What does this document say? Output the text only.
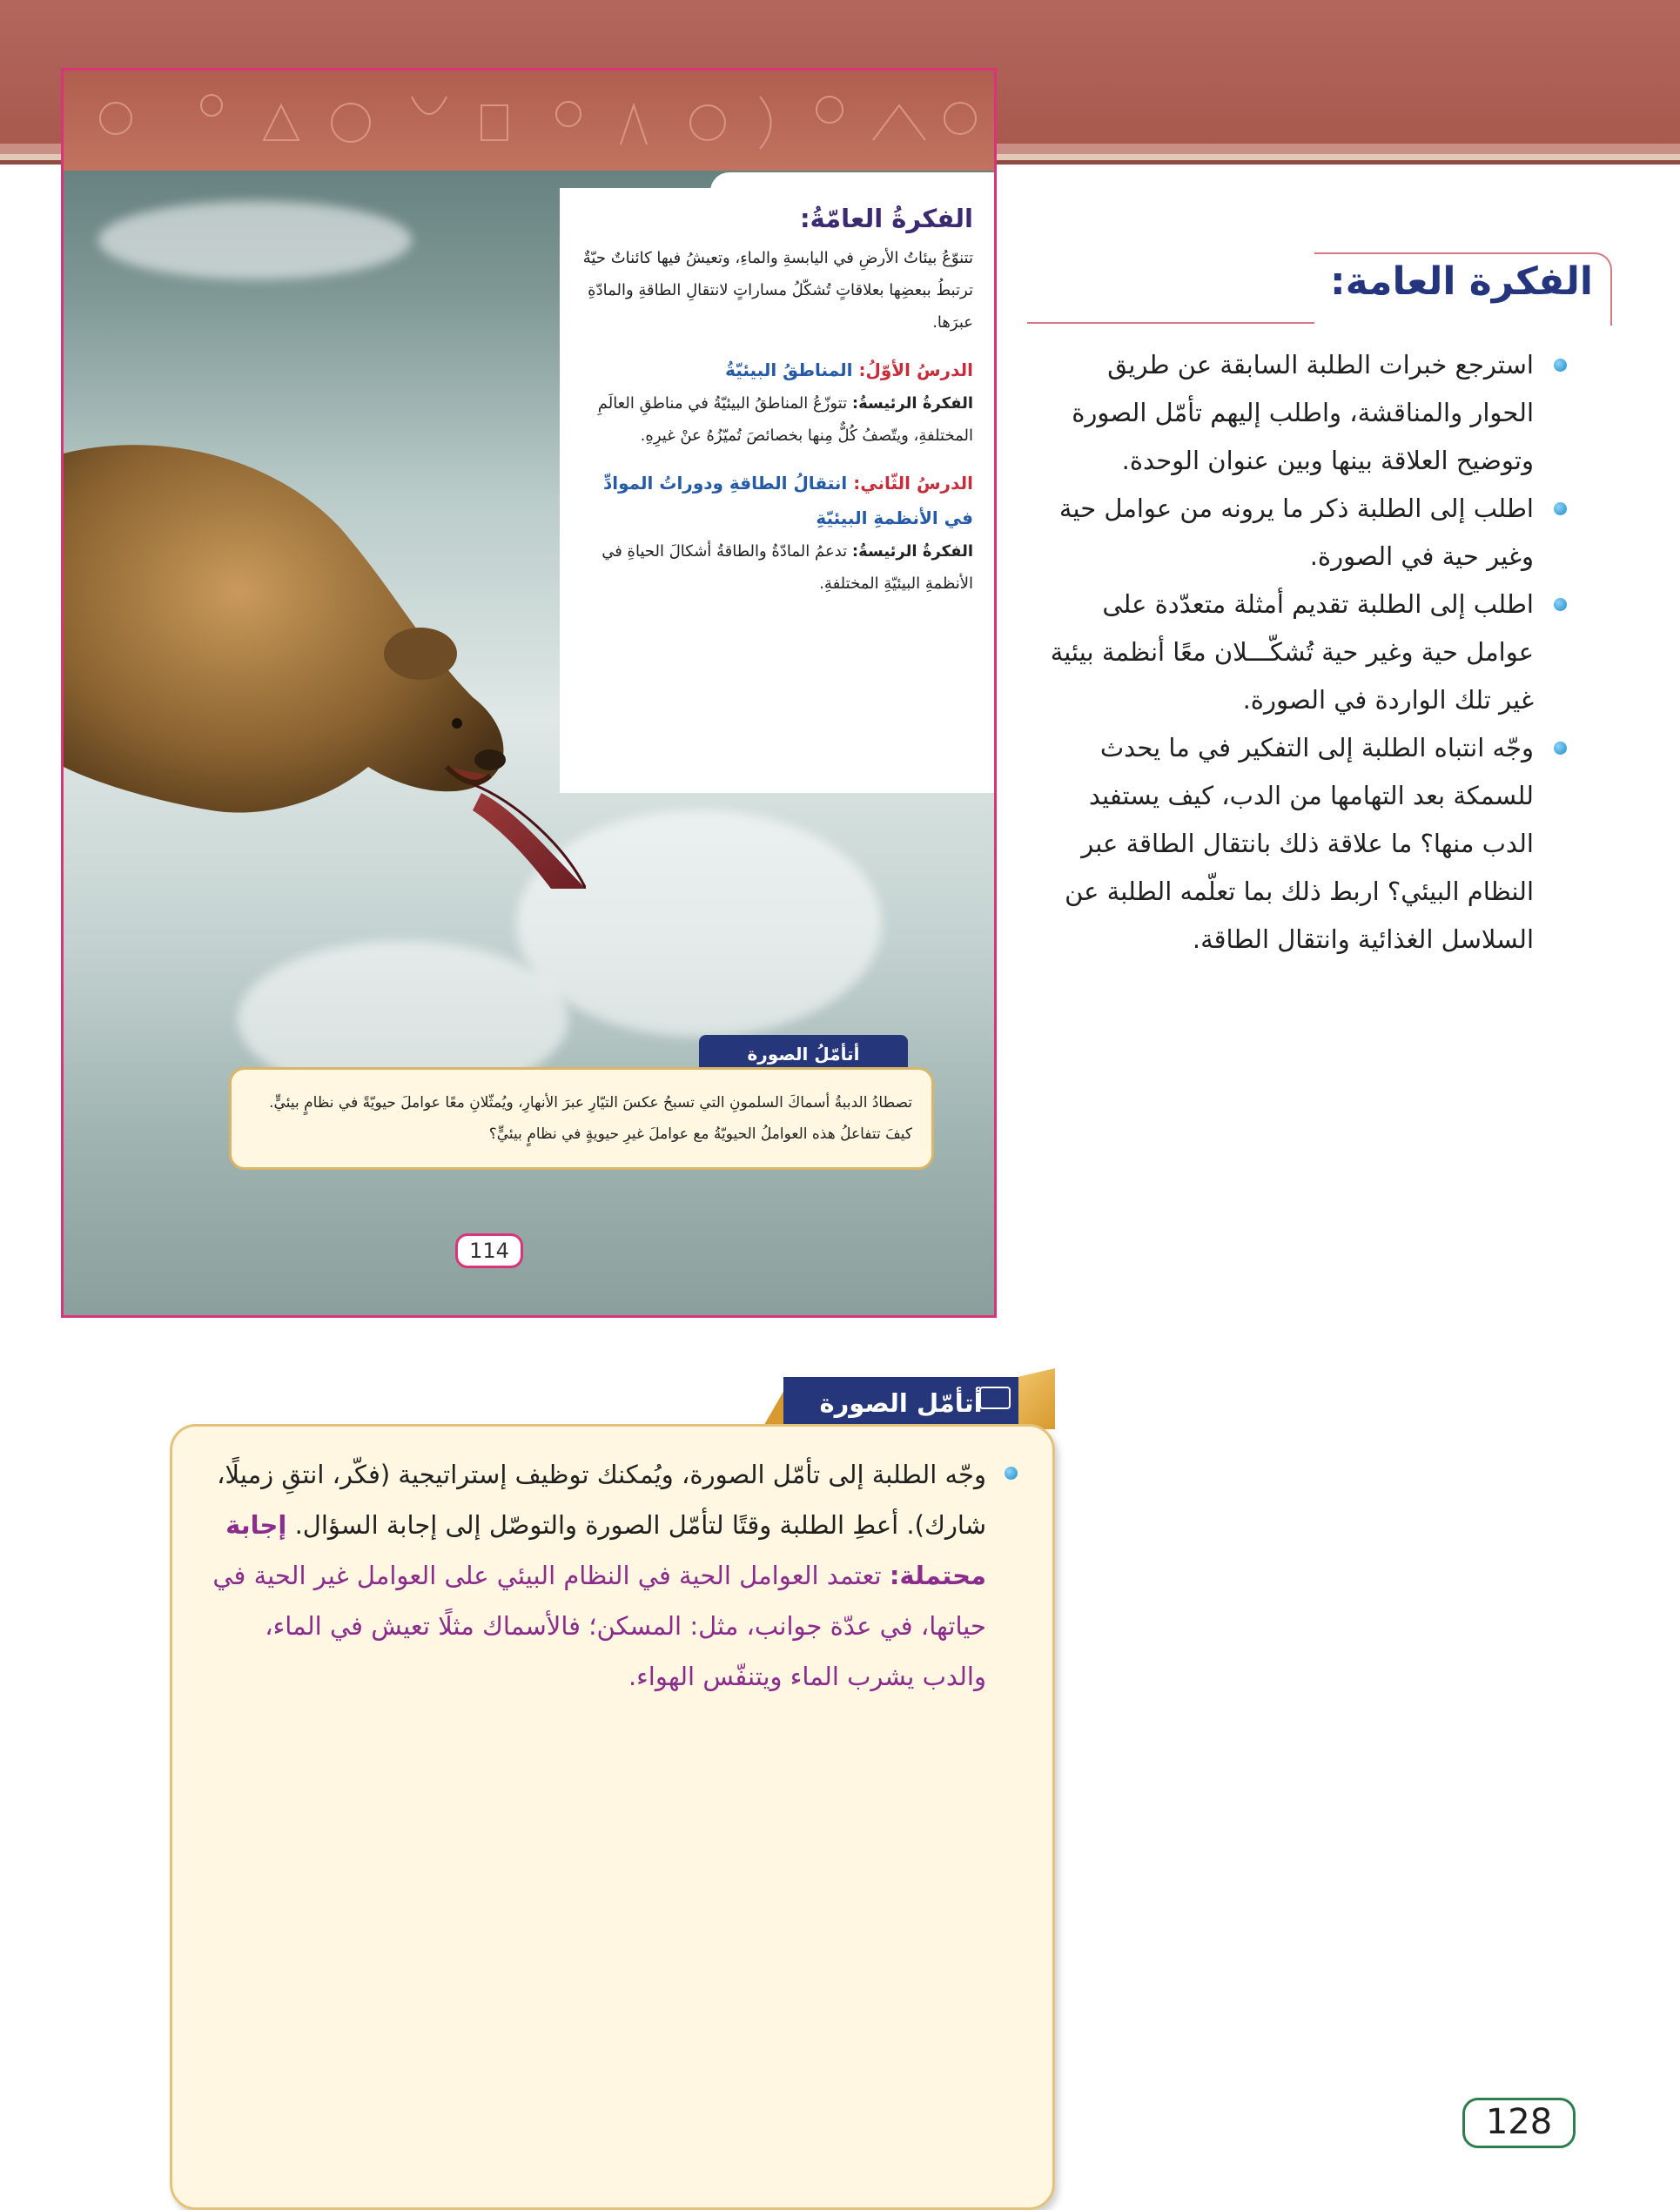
الفكرةُ العامّةُ:
تتنوّعُ بيئاتُ الأرضِ في اليابسةِ والماءِ، وتعيشُ فيها كائناتٌ حيّةٌ ترتبطُ ببعضِها بعلاقاتٍ تُشكّلُ مساراتٍ لانتقالِ الطاقةِ والمادّةِ عبرَها.
الدرسُ الأوّلُ: المناطقُ البيئيّةُ
الفكرةُ الرئيسةُ: تتوزّعُ المناطقُ البيئيّةُ في مناطقِ العالَمِ المختلفةِ، ويتّصفُ كُلٌّ مِنها بخصائصَ تُميّزُهُ عنْ غيرِهِ.
الدرسُ الثّاني: انتقالُ الطاقةِ ودوراتُ الموادِّ في الأنظمةِ البيئيّةِ
الفكرةُ الرئيسةُ: تدعمُ المادّةُ والطاقةُ أشكالَ الحياةِ في الأنظمةِ البيئيّةِ المختلفةِ.
أتأمّلُ الصورة
تصطادُ الدببةُ أسماكَ السلمونِ التي تسبحُ عكسَ التيّارِ عبرَ الأنهارِ، ويُمثّلانِ معًا عواملَ حيويّةً في نظامٍ بيئيٍّ. كيفَ تتفاعلُ هذه العواملُ الحيويّةُ مع عواملَ غيرِ حيويةٍ في نظامٍ بيئيٍّ؟
114
الفكرة العامة:
استرجع خبرات الطلبة السابقة عن طريق الحوار والمناقشة، واطلب إليهم تأمّل الصورة وتوضيح العلاقة بينها وبين عنوان الوحدة.
اطلب إلى الطلبة ذكر ما يرونه من عوامل حية وغير حية في الصورة.
اطلب إلى الطلبة تقديم أمثلة متعدّدة على عوامل حية وغير حية تُشكّـــلان معًا أنظمة بيئية غير تلك الواردة في الصورة.
وجّه انتباه الطلبة إلى التفكير في ما يحدث للسمكة بعد التهامها من الدب، كيف يستفيد الدب منها؟ ما علاقة ذلك بانتقال الطاقة عبر النظام البيئي؟ اربط ذلك بما تعلّمه الطلبة عن السلاسل الغذائية وانتقال الطاقة.
أتأمّل الصورة
وجّه الطلبة إلى تأمّل الصورة، ويُمكنك توظيف إستراتيجية (فكّر، انتقِ زميلًا، شارك). أعطِ الطلبة وقتًا لتأمّل الصورة والتوصّل إلى إجابة السؤال. إجابة محتملة: تعتمد العوامل الحية في النظام البيئي على العوامل غير الحية في حياتها، في عدّة جوانب، مثل: المسكن؛ فالأسماك مثلًا تعيش في الماء، والدب يشرب الماء ويتنفّس الهواء.
128
